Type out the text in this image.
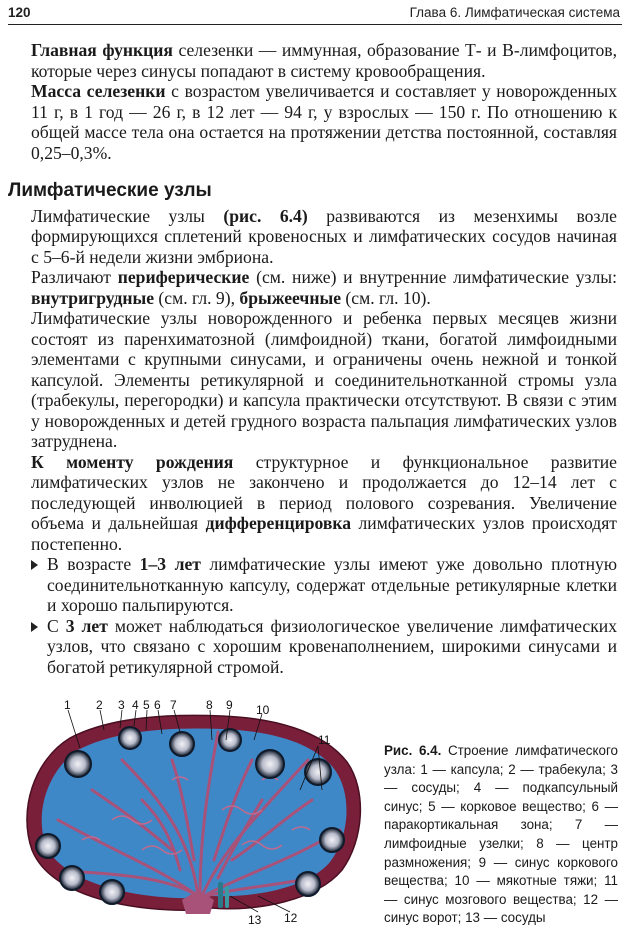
120	Глава 6. Лимфатическая система

Главная функция селезенки — иммунная, образование Т- и В-лимфоцитов, которые через синусы попадают в систему кровообращения.

Масса селезенки с возрастом увеличивается и составляет у новорожденных 11 г, в 1 год — 26 г, в 12 лет — 94 г, у взрослых — 150 г. По отношению к общей массе тела она остается на протяжении детства постоянной, составляя 0,25–0,3%.

Лимфатические узлы

Лимфатические узлы (рис. 6.4) развиваются из мезенхимы возле формирующихся сплетений кровеносных и лимфатических сосудов начиная с 5–6-й недели жизни эмбриона.

Различают периферические (см. ниже) и внутренние лимфатические узлы: внутригрудные (см. гл. 9), брыжеечные (см. гл. 10).

Лимфатические узлы новорожденного и ребенка первых месяцев жизни состоят из паренхиматозной (лимфоидной) ткани, богатой лимфоидными элементами с крупными синусами, и ограничены очень нежной и тонкой капсулой. Элементы ретикулярной и соединительнотканной стромы узла (трабекулы, перегородки) и капсула практически отсутствуют. В связи с этим у новорожденных и детей грудного возраста пальпация лимфатических узлов затруднена.

К моменту рождения структурное и функциональное развитие лимфатических узлов не закончено и продолжается до 12–14 лет с последующей инволюцией в период полового созревания. Увеличение объема и дальнейшая дифференцировка лимфатических узлов происходят постепенно.

В возрасте 1–3 лет лимфатические узлы имеют уже довольно плотную соединительнотканную капсулу, содержат отдельные ретикулярные клетки и хорошо пальпируются.

С 3 лет может наблюдаться физиологическое увеличение лимфатических узлов, что связано с хорошим кровенаполнением, широкими синусами и богатой ретикулярной стромой.

1 2 3 4 5 6 7 8 9 10
11
12
13
Рис. 6.4. Строение лимфатического узла: 1 — капсула; 2 — трабекула; 3 — сосуды; 4 — подкапсульный синус; 5 — корковое вещество; 6 — паракортикальная зона; 7 — лимфоидные узелки; 8 — центр размножения; 9 — синус коркового вещества; 10 — мякотные тяжи; 11 — синус мозгового вещества; 12 — синус ворот; 13 — сосуды
